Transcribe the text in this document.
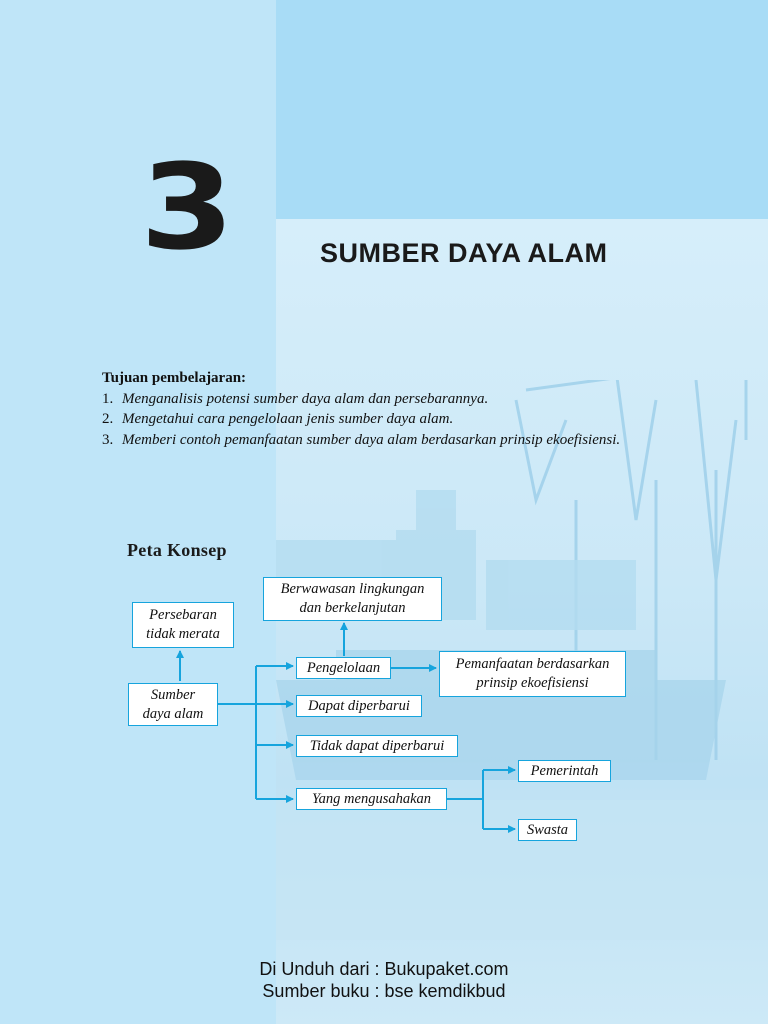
3	SUMBER DAYA ALAM
Tujuan pembelajaran:
1. Menganalisis potensi sumber daya alam dan persebarannya.
2. Mengetahui cara pengelolaan jenis sumber daya alam.
3. Memberi contoh pemanfaatan sumber daya alam berdasarkan prinsip ekoefisiensi.
Peta Konsep
Persebaran
tidak merata
Sumber
daya alam
Berwawasan lingkungan
dan berkelanjutan
Pengelolaan	Pemanfaatan berdasarkan
prinsip ekoefisiensi
Dapat diperbarui
Tidak dapat diperbarui
Yang mengusahakan
Pemerintah
Swasta
Di Unduh dari : Bukupaket.com
Sumber buku : bse kemdikbud
